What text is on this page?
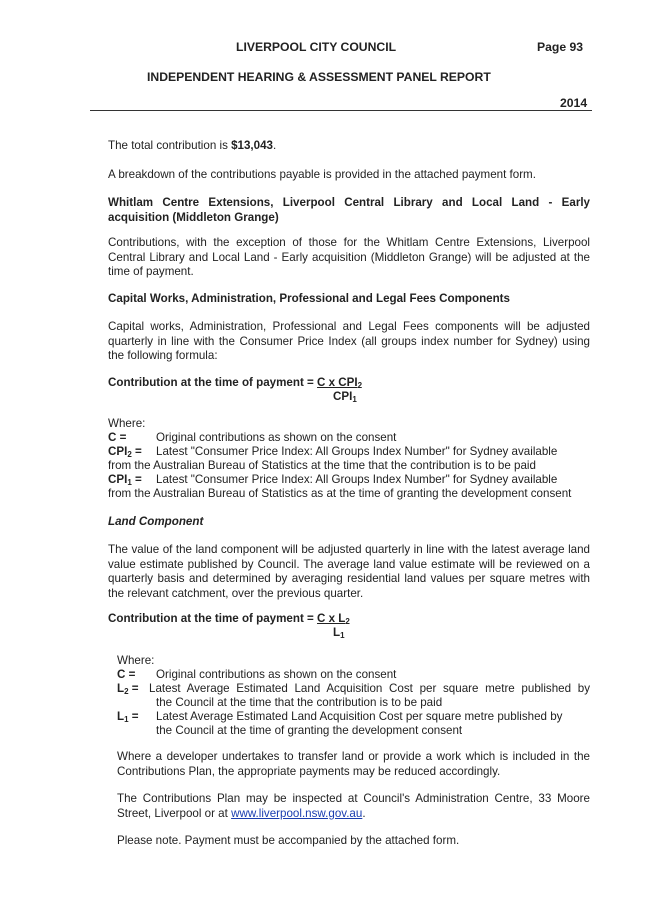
LIVERPOOL CITY COUNCIL	Page 93
INDEPENDENT HEARING & ASSESSMENT PANEL REPORT
2014
The total contribution is $13,043.
A breakdown of the contributions payable is provided in the attached payment form.
Whitlam Centre Extensions, Liverpool Central Library and Local Land - Early acquisition (Middleton Grange)
Contributions, with the exception of those for the Whitlam Centre Extensions, Liverpool Central Library and Local Land - Early acquisition (Middleton Grange) will be adjusted at the time of payment.
Capital Works, Administration, Professional and Legal Fees Components
Capital works, Administration, Professional and Legal Fees components will be adjusted quarterly in line with the Consumer Price Index (all groups index number for Sydney) using the following formula:
Contribution at the time of payment = C x $CPI_2$
$CPI_1$
Where:
C =	Original contributions as shown on the consent
$CPI_2$ = Latest "Consumer Price Index: All Groups Index Number" for Sydney available
from the Australian Bureau of Statistics at the time that the contribution is to be paid
$CPI_1$ = Latest "Consumer Price Index: All Groups Index Number" for Sydney available
from the Australian Bureau of Statistics as at the time of granting the development consent
Land Component
The value of the land component will be adjusted quarterly in line with the latest average land value estimate published by Council. The average land value estimate will be reviewed on a quarterly basis and determined by averaging residential land values per square metres with the relevant catchment, over the previous quarter.
Contribution at the time of payment = C x $L_2$
$L_1$
Where:
C = Original contributions as shown on the consent
$L_2$ = Latest Average Estimated Land Acquisition Cost per square metre published by
the Council at the time that the contribution is to be paid
$L_1$ = Latest Average Estimated Land Acquisition Cost per square metre published by
the Council at the time of granting the development consent
Where a developer undertakes to transfer land or provide a work which is included in the Contributions Plan, the appropriate payments may be reduced accordingly.
The Contributions Plan may be inspected at Council's Administration Centre, 33 Moore Street, Liverpool or at www.liverpool.nsw.gov.au.
Please note. Payment must be accompanied by the attached form.
